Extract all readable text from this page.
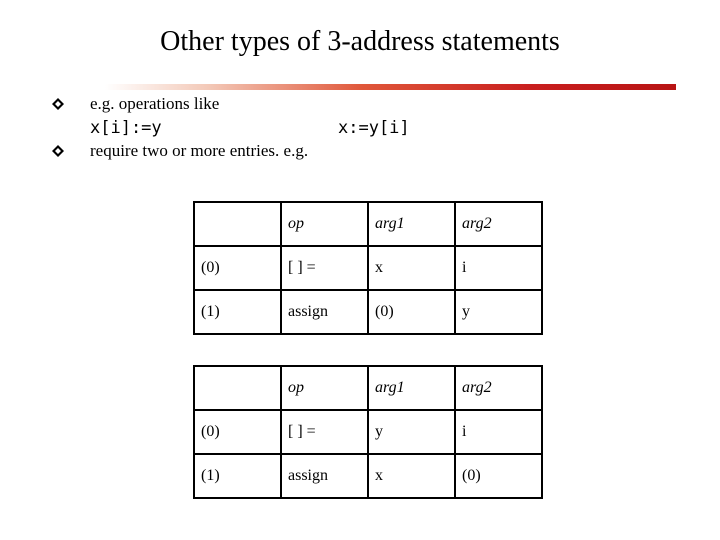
Other types of 3-address statements
e.g. operations like
x[i]:=y	x:=y[i]
require two or more entries. e.g.
	op	arg1	arg2
(0)	[ ] =	x	i
(1)	assign	(0)	y
	op	arg1	arg2
(0)	[ ] =	y	i
(1)	assign	x	(0)
